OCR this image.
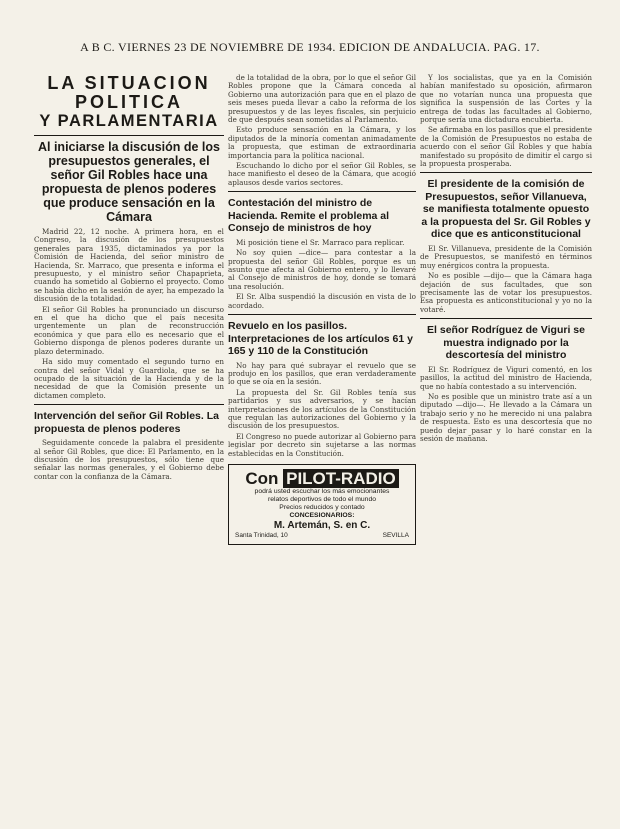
A B C. VIERNES 23 DE NOVIEMBRE DE 1934. EDICION DE ANDALUCIA. PAG. 17.
LA SITUACION
POLITICA
Y PARLAMENTARIA
Al iniciarse la discusión de los presupuestos generales, el señor Gil Robles hace una propuesta de plenos poderes que produce sensación en la Cámara

Madrid 22, 12 noche. A primera hora, en el Congreso, la discusión de los presupuestos generales para 1935, dictaminados ya por la Comisión de Hacienda, del señor ministro de Hacienda, Sr. Marraco, que presenta e informa el presupuesto, y el ministro señor Chapaprieta, cuando ha sometido al Gobierno el proyecto. Como se había dicho en la sesión de ayer, ha empezado la discusión de la totalidad.

El señor Gil Robles ha pronunciado un discurso en el que ha dicho que el país necesita urgentemente un plan de reconstrucción económica y que para ello es necesario que el Gobierno disponga de plenos poderes durante un plazo determinado.

Ha sido muy comentado el segundo turno en contra del señor Vidal y Guardiola, que se ha ocupado de la situación de la Hacienda y de la necesidad de que la Comisión presente un dictamen completo.

Intervención del señor Gil Robles. La propuesta de plenos poderes

Seguidamente concede la palabra el presidente al señor Gil Robles, que dice: El Parlamento, en la discusión de los presupuestos, sólo tiene que señalar las normas generales, y el Gobierno debe contar con la confianza de la Cámara.

de la totalidad de la obra, por lo que el señor Gil Robles propone que la Cámara conceda al Gobierno una autorización para que en el plazo de seis meses pueda llevar a cabo la reforma de los presupuestos y de las leyes fiscales, sin perjuicio de que después sean sometidas al Parlamento.

Esto produce sensación en la Cámara, y los diputados de la minoría comentan animadamente la propuesta, que estiman de extraordinaria importancia para la política nacional.

Escuchando lo dicho por el señor Gil Robles, se hace manifiesto el deseo de la Cámara, que acogió aplausos desde varios sectores.

Contestación del ministro de Hacienda. Remite el problema al Consejo de ministros de hoy

Mi posición tiene el Sr. Marraco para replicar.

No soy quien —dice— para contestar a la propuesta del señor Gil Robles, porque es un asunto que afecta al Gobierno entero, y lo llevaré al Consejo de ministros de hoy, donde se tomará una resolución.

El Sr. Alba suspendió la discusión en vista de lo acordado.

Revuelo en los pasillos. Interpretaciones de los artículos 61 y 165 y 110 de la Constitución

No hay para qué subrayar el revuelo que se produjo en los pasillos, que eran verdaderamente lo que se oía en la sesión.

La propuesta del Sr. Gil Robles tenía sus partidarios y sus adversarios, y se hacían interpretaciones de los artículos de la Constitución que regulan las autorizaciones del Gobierno y la discusión de los presupuestos.

El Congreso no puede autorizar al Gobierno para legislar por decreto sin sujetarse a las normas establecidas en la Constitución.

Con PILOT-RADIO
podrá usted escuchar los más emocionantes
relatos deportivos de todo el mundo
Precios reducidos y contado
CONCESIONARIOS:
M. Artemán, S. en C.
Santa Trinidad, 10	SEVILLA

Y los socialistas, que ya en la Comisión habían manifestado su oposición, afirmaron que no votarían nunca una propuesta que significa la suspensión de las Cortes y la entrega de todas las facultades al Gobierno, porque sería una dictadura encubierta.

Se afirmaba en los pasillos que el presidente de la Comisión de Presupuestos no estaba de acuerdo con el señor Gil Robles y que había manifestado su propósito de dimitir el cargo si la propuesta prosperaba.

El presidente de la comisión de Presupuestos, señor Villanueva, se manifiesta totalmente opuesto a la propuesta del Sr. Gil Robles y dice que es anticonstitucional

El Sr. Villanueva, presidente de la Comisión de Presupuestos, se manifestó en términos muy enérgicos contra la propuesta.

No es posible —dijo— que la Cámara haga dejación de sus facultades, que son precisamente las de votar los presupuestos. Esa propuesta es anticonstitucional y yo no la votaré.

El señor Rodríguez de Viguri se muestra indignado por la descortesía del ministro

El Sr. Rodríguez de Viguri comentó, en los pasillos, la actitud del ministro de Hacienda, que no había contestado a su intervención.

No es posible que un ministro trate así a un diputado —dijo—. He llevado a la Cámara un trabajo serio y no he merecido ni una palabra de respuesta. Esto es una descortesía que no puedo dejar pasar y lo haré constar en la sesión de mañana.
